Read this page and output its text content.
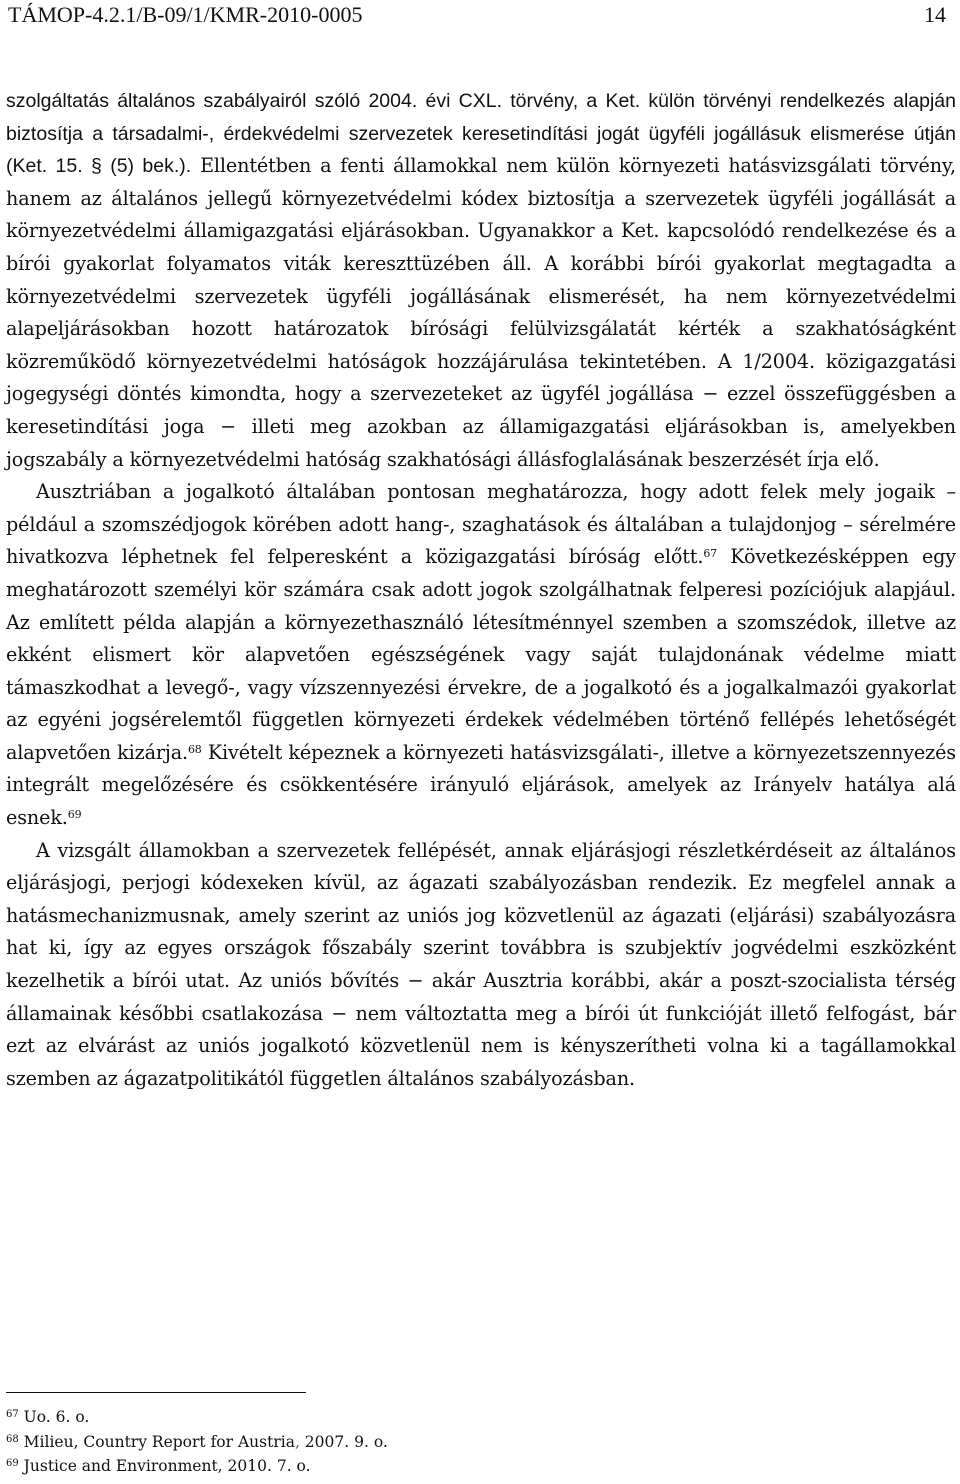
TÁMOP-4.2.1/B-09/1/KMR-2010-0005	14

szolgáltatás általános szabályairól szóló 2004. évi CXL. törvény, a Ket. külön törvényi rendelkezés alapján biztosítja a társadalmi-, érdekvédelmi szervezetek keresetindítási jogát ügyféli jogállásuk elismerése útján (Ket. 15. § (5) bek.). Ellentétben a fenti államokkal nem külön környezeti hatásvizsgálati törvény, hanem az általános jellegű környezetvédelmi kódex biztosítja a szervezetek ügyféli jogállását a környezetvédelmi államigazgatási eljárásokban. Ugyanakkor a Ket. kapcsolódó rendelkezése és a bírói gyakorlat folyamatos viták kereszttüzében áll. A korábbi bírói gyakorlat megtagadta a környezetvédelmi szervezetek ügyféli jogállásának elismerését, ha nem környezetvédelmi alapeljárásokban hozott határozatok bírósági felülvizsgálatát kérték a szakhatóságként közreműködő környezetvédelmi hatóságok hozzájárulása tekintetében. A 1/2004. közigazgatási jogegységi döntés kimondta, hogy a szervezeteket az ügyfél jogállása − ezzel összefüggésben a keresetindítási joga − illeti meg azokban az államigazgatási eljárásokban is, amelyekben jogszabály a környezetvédelmi hatóság szakhatósági állásfoglalásának beszerzését írja elő.

Ausztriában a jogalkotó általában pontosan meghatározza, hogy adott felek mely jogaik – például a szomszédjogok körében adott hang-, szaghatások és általában a tulajdonjog – sérelmére hivatkozva léphetnek fel felperesként a közigazgatási bíróság előtt.$^{67}$ Következésképpen egy meghatározott személyi kör számára csak adott jogok szolgálhatnak felperesi pozíciójuk alapjául. Az említett példa alapján a környezethasználó létesítménnyel szemben a szomszédok, illetve az ekként elismert kör alapvetően egészségének vagy saját tulajdonának védelme miatt támaszkodhat a levegő-, vagy vízszennyezési érvekre, de a jogalkotó és a jogalkalmazói gyakorlat az egyéni jogsérelemtől független környezeti érdekek védelmében történő fellépés lehetőségét alapvetően kizárja.$^{68}$ Kivételt képeznek a környezeti hatásvizsgálati-, illetve a környezetszennyezés integrált megelőzésére és csökkentésére irányuló eljárások, amelyek az Irányelv hatálya alá esnek.$^{69}$

A vizsgált államokban a szervezetek fellépését, annak eljárásjogi részletkérdéseit az általános eljárásjogi, perjogi kódexeken kívül, az ágazati szabályozásban rendezik. Ez megfelel annak a hatásmechanizmusnak, amely szerint az uniós jog közvetlenül az ágazati (eljárási) szabályozásra hat ki, így az egyes országok főszabály szerint továbbra is szubjektív jogvédelmi eszközként kezelhetik a bírói utat. Az uniós bővítés − akár Ausztria korábbi, akár a poszt-szocialista térség államainak későbbi csatlakozása − nem változtatta meg a bírói út funkcióját illető felfogást, bár ezt az elvárást az uniós jogalkotó közvetlenül nem is kényszerítheti volna ki a tagállamokkal szemben az ágazatpolitikától független általános szabályozásban.

$^{67}$ Uo. 6. o.
$^{68}$ Milieu, Country Report for Austria, 2007. 9. o.
$^{69}$ Justice and Environment, 2010. 7. o.
